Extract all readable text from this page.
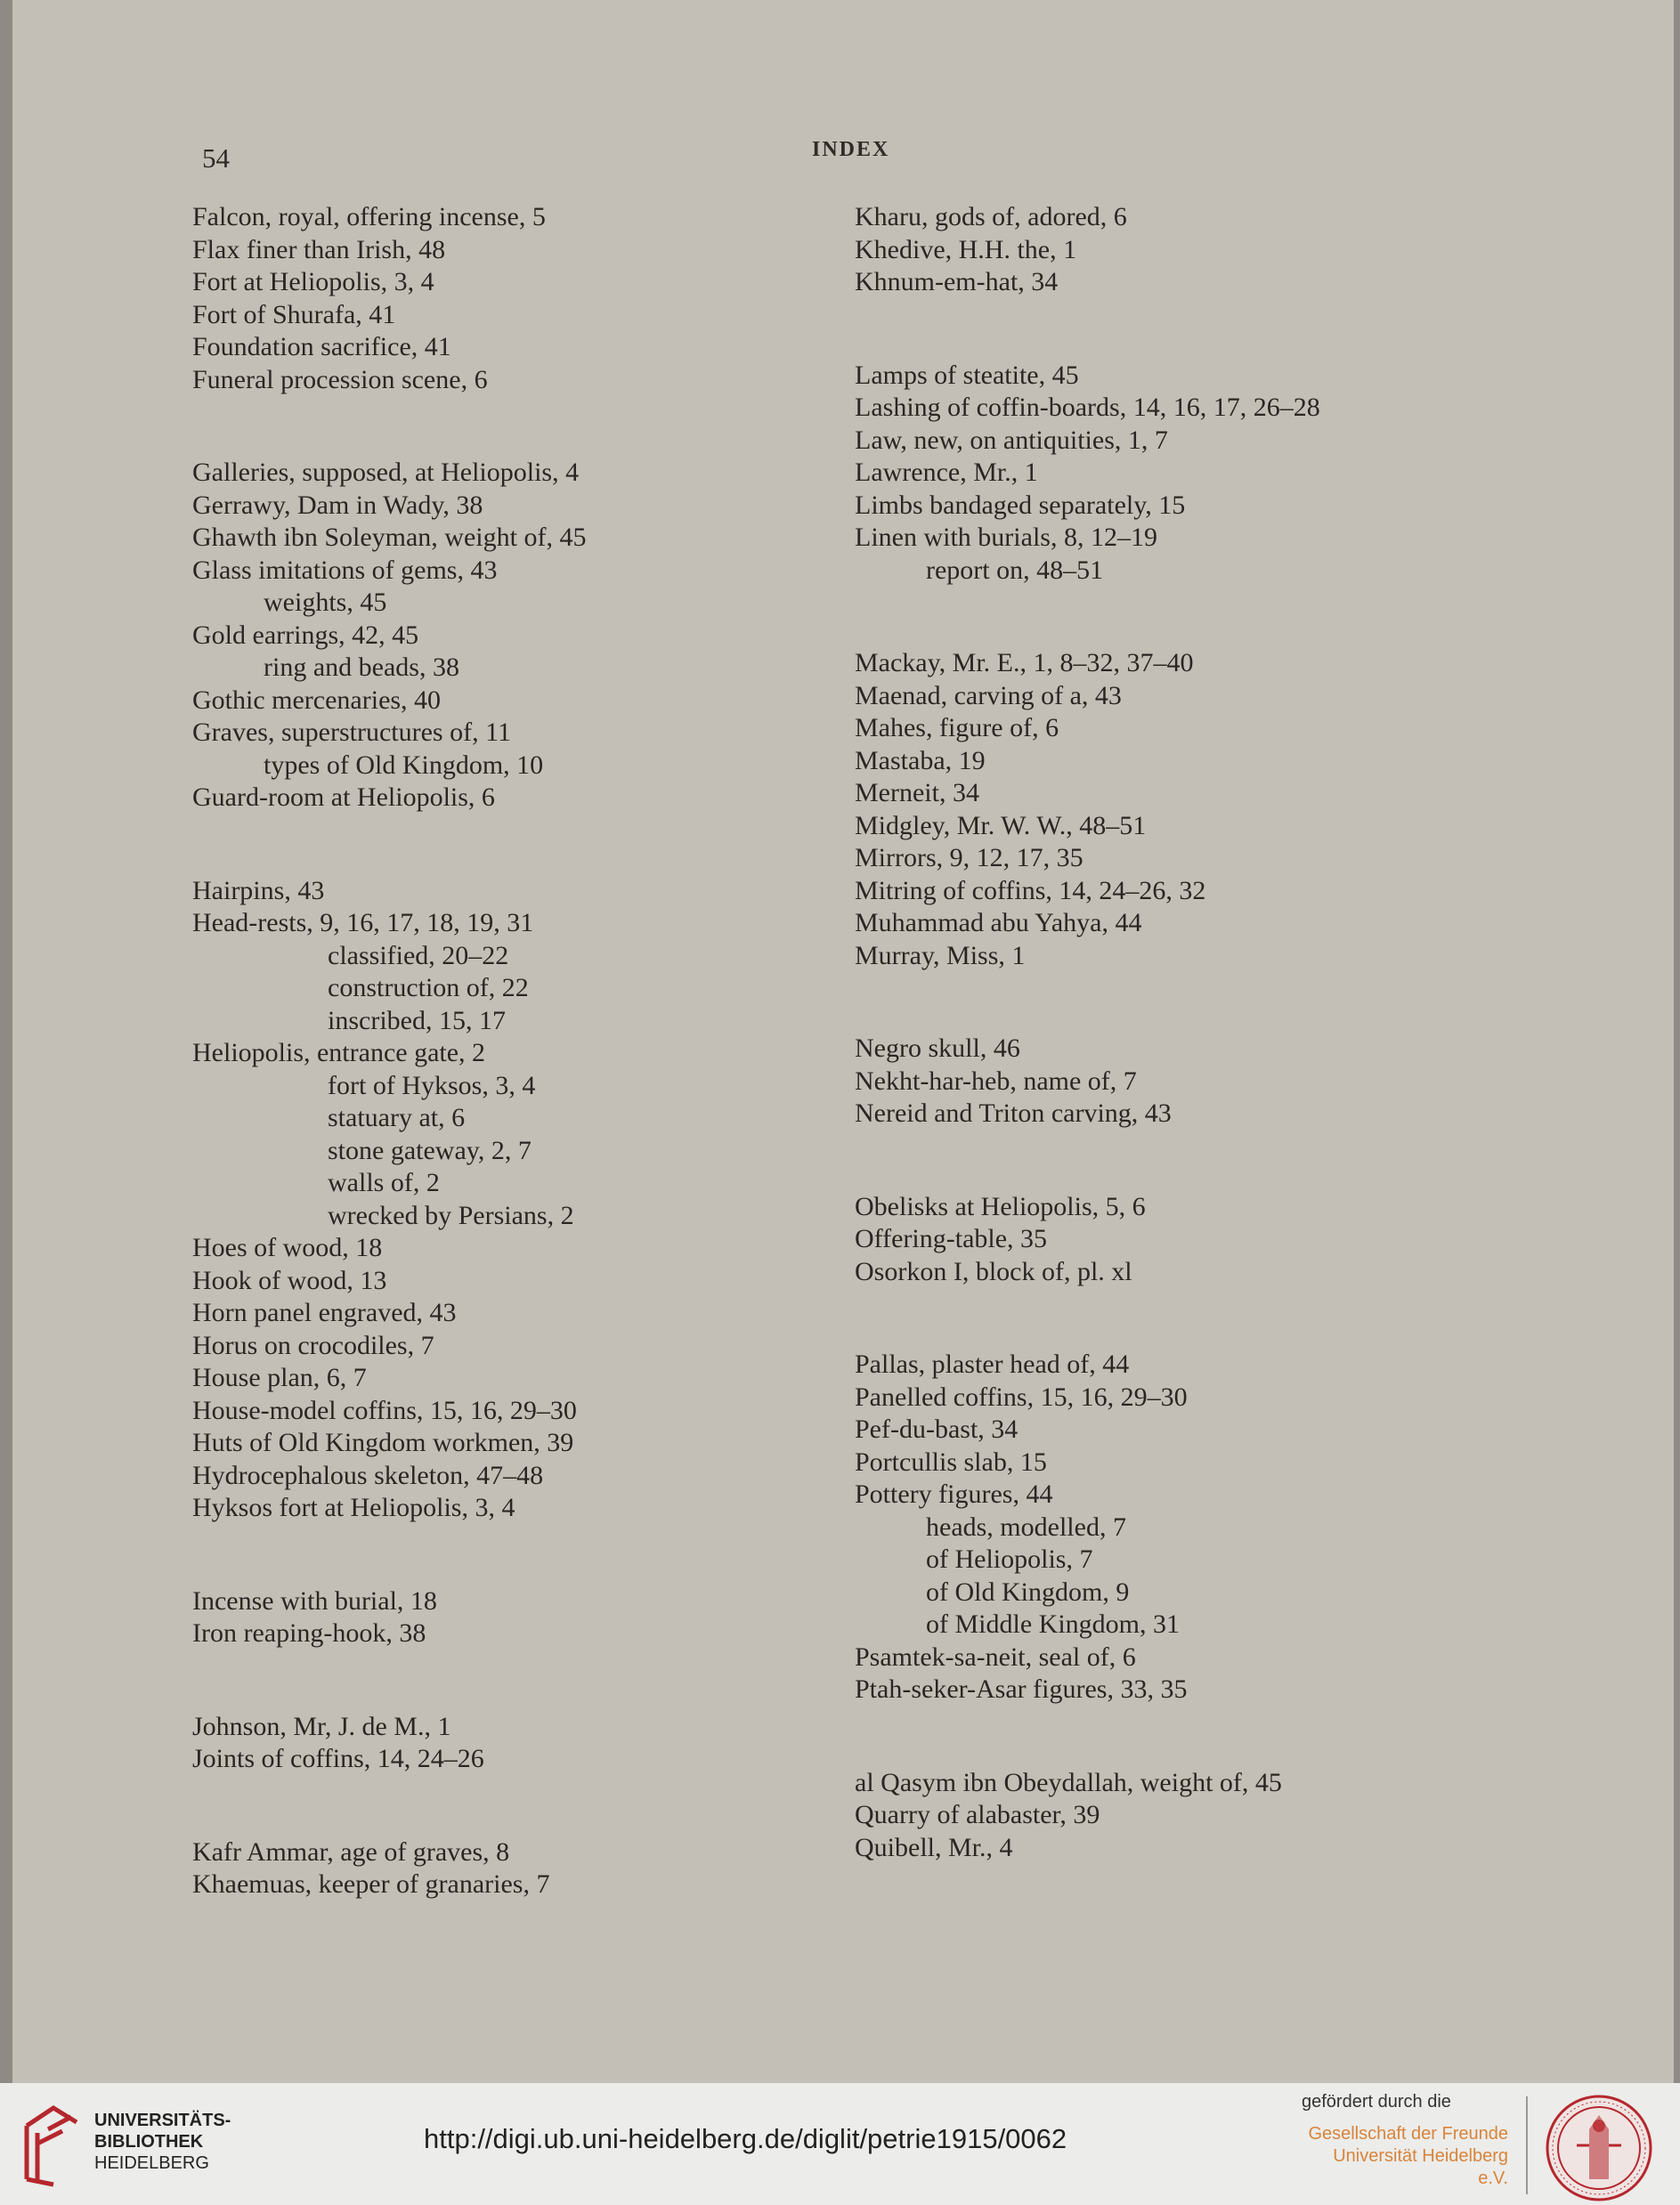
54	INDEX
Falcon, royal, offering incense, 5
Flax finer than Irish, 48
Fort at Heliopolis, 3, 4
Fort of Shurafa, 41
Foundation sacrifice, 41
Funeral procession scene, 6
Galleries, supposed, at Heliopolis, 4
Gerrawy, Dam in Wady, 38
Ghawth ibn Soleyman, weight of, 45
Glass imitations of gems, 43
weights, 45
Gold earrings, 42, 45
ring and beads, 38
Gothic mercenaries, 40
Graves, superstructures of, 11
types of Old Kingdom, 10
Guard-room at Heliopolis, 6
Hairpins, 43
Head-rests, 9, 16, 17, 18, 19, 31
classified, 20–22
construction of, 22
inscribed, 15, 17
Heliopolis, entrance gate, 2
fort of Hyksos, 3, 4
statuary at, 6
stone gateway, 2, 7
walls of, 2
wrecked by Persians, 2
Hoes of wood, 18
Hook of wood, 13
Horn panel engraved, 43
Horus on crocodiles, 7
House plan, 6, 7
House-model coffins, 15, 16, 29–30
Huts of Old Kingdom workmen, 39
Hydrocephalous skeleton, 47–48
Hyksos fort at Heliopolis, 3, 4
Incense with burial, 18
Iron reaping-hook, 38
Johnson, Mr, J. de M., 1
Joints of coffins, 14, 24–26
Kafr Ammar, age of graves, 8
Khaemuas, keeper of granaries, 7
Kharu, gods of, adored, 6
Khedive, H.H. the, 1
Khnum-em-hat, 34
Lamps of steatite, 45
Lashing of coffin-boards, 14, 16, 17, 26–28
Law, new, on antiquities, 1, 7
Lawrence, Mr., 1
Limbs bandaged separately, 15
Linen with burials, 8, 12–19
report on, 48–51
Mackay, Mr. E., 1, 8–32, 37–40
Maenad, carving of a, 43
Mahes, figure of, 6
Mastaba, 19
Merneit, 34
Midgley, Mr. W. W., 48–51
Mirrors, 9, 12, 17, 35
Mitring of coffins, 14, 24–26, 32
Muhammad abu Yahya, 44
Murray, Miss, 1
Negro skull, 46
Nekht-har-heb, name of, 7
Nereid and Triton carving, 43
Obelisks at Heliopolis, 5, 6
Offering-table, 35
Osorkon I, block of, pl. xl
Pallas, plaster head of, 44
Panelled coffins, 15, 16, 29–30
Pef-du-bast, 34
Portcullis slab, 15
Pottery figures, 44
heads, modelled, 7
of Heliopolis, 7
of Old Kingdom, 9
of Middle Kingdom, 31
Psamtek-sa-neit, seal of, 6
Ptah-seker-Asar figures, 33, 35
al Qasym ibn Obeydallah, weight of, 45
Quarry of alabaster, 39
Quibell, Mr., 4
UNIVERSITÄTS-
BIBLIOTHEK
HEIDELBERG
http://digi.ub.uni-heidelberg.de/diglit/petrie1915/0062
gefördert durch die
Gesellschaft der Freunde
Universität Heidelberg e.V.
